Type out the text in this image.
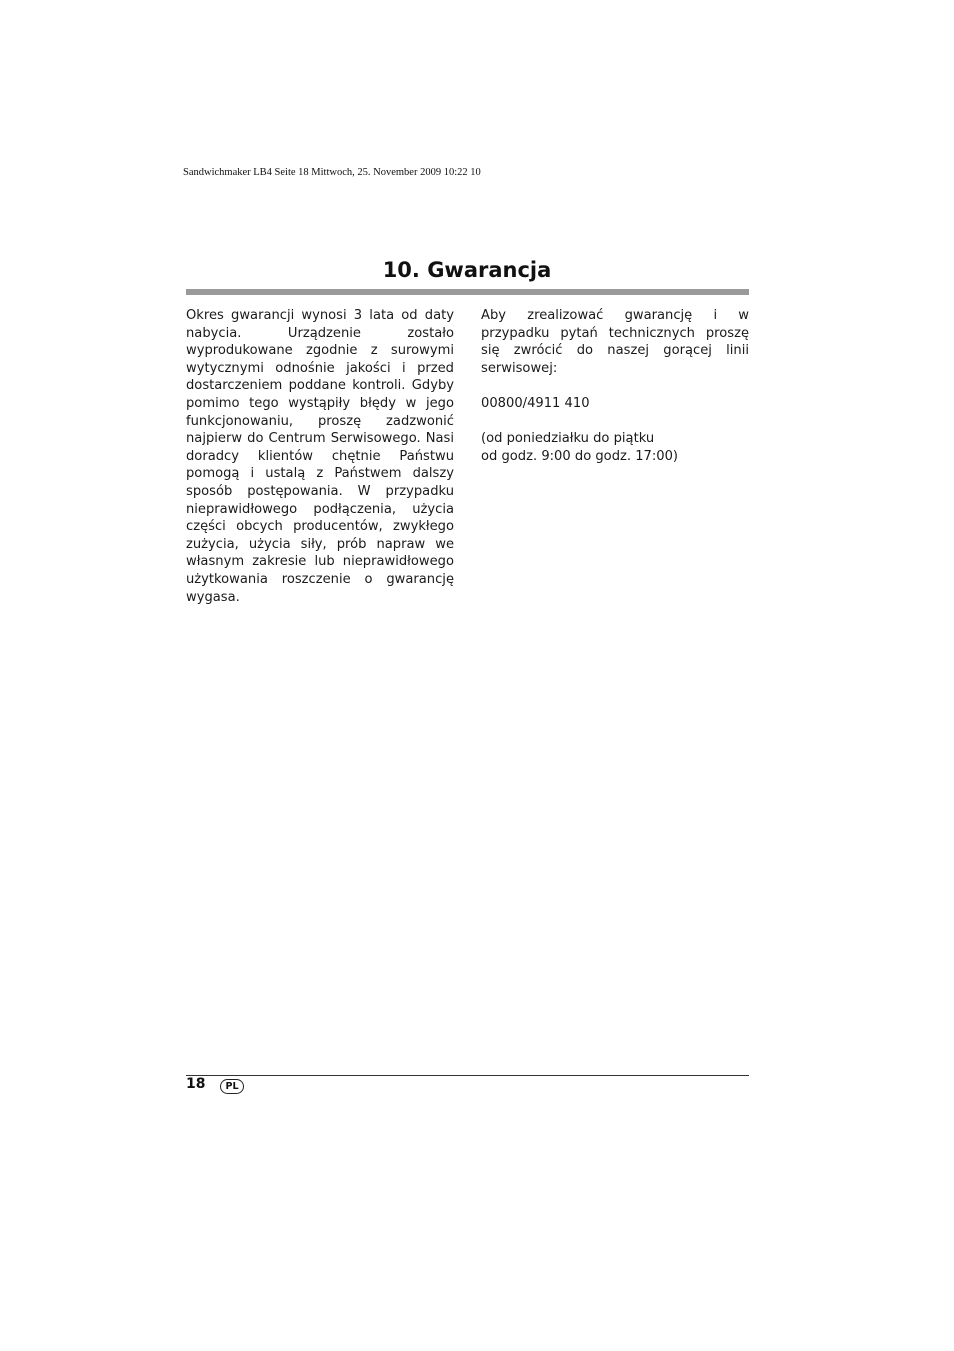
Sandwichmaker LB4 Seite 18 Mittwoch, 25. November 2009 10:22 10
10. Gwarancja

Okres gwarancji wynosi 3 lata od daty nabycia. Urządzenie zostało wyprodukowane zgodnie z surowymi wytycznymi odnośnie jakości i przed dostarczeniem poddane kontroli. Gdyby pomimo tego wystąpiły błędy w jego funkcjonowaniu, proszę zadzwonić najpierw do Centrum Serwisowego. Nasi doradcy klientów chętnie Państwu pomogą i ustalą z Państwem dalszy sposób postępowania. W przypadku nieprawidłowego podłączenia, użycia części obcych producentów, zwykłego zużycia, użycia siły, prób napraw we własnym zakresie lub nieprawidłowego użytkowania roszczenie o gwarancję wygasa.

Aby zrealizować gwarancję i w przypadku pytań technicznych proszę się zwrócić do naszej gorącej linii serwisowej:

00800/4911 410

(od poniedziałku do piątku

od godz. 9:00 do godz. 17:00)

18	PL
